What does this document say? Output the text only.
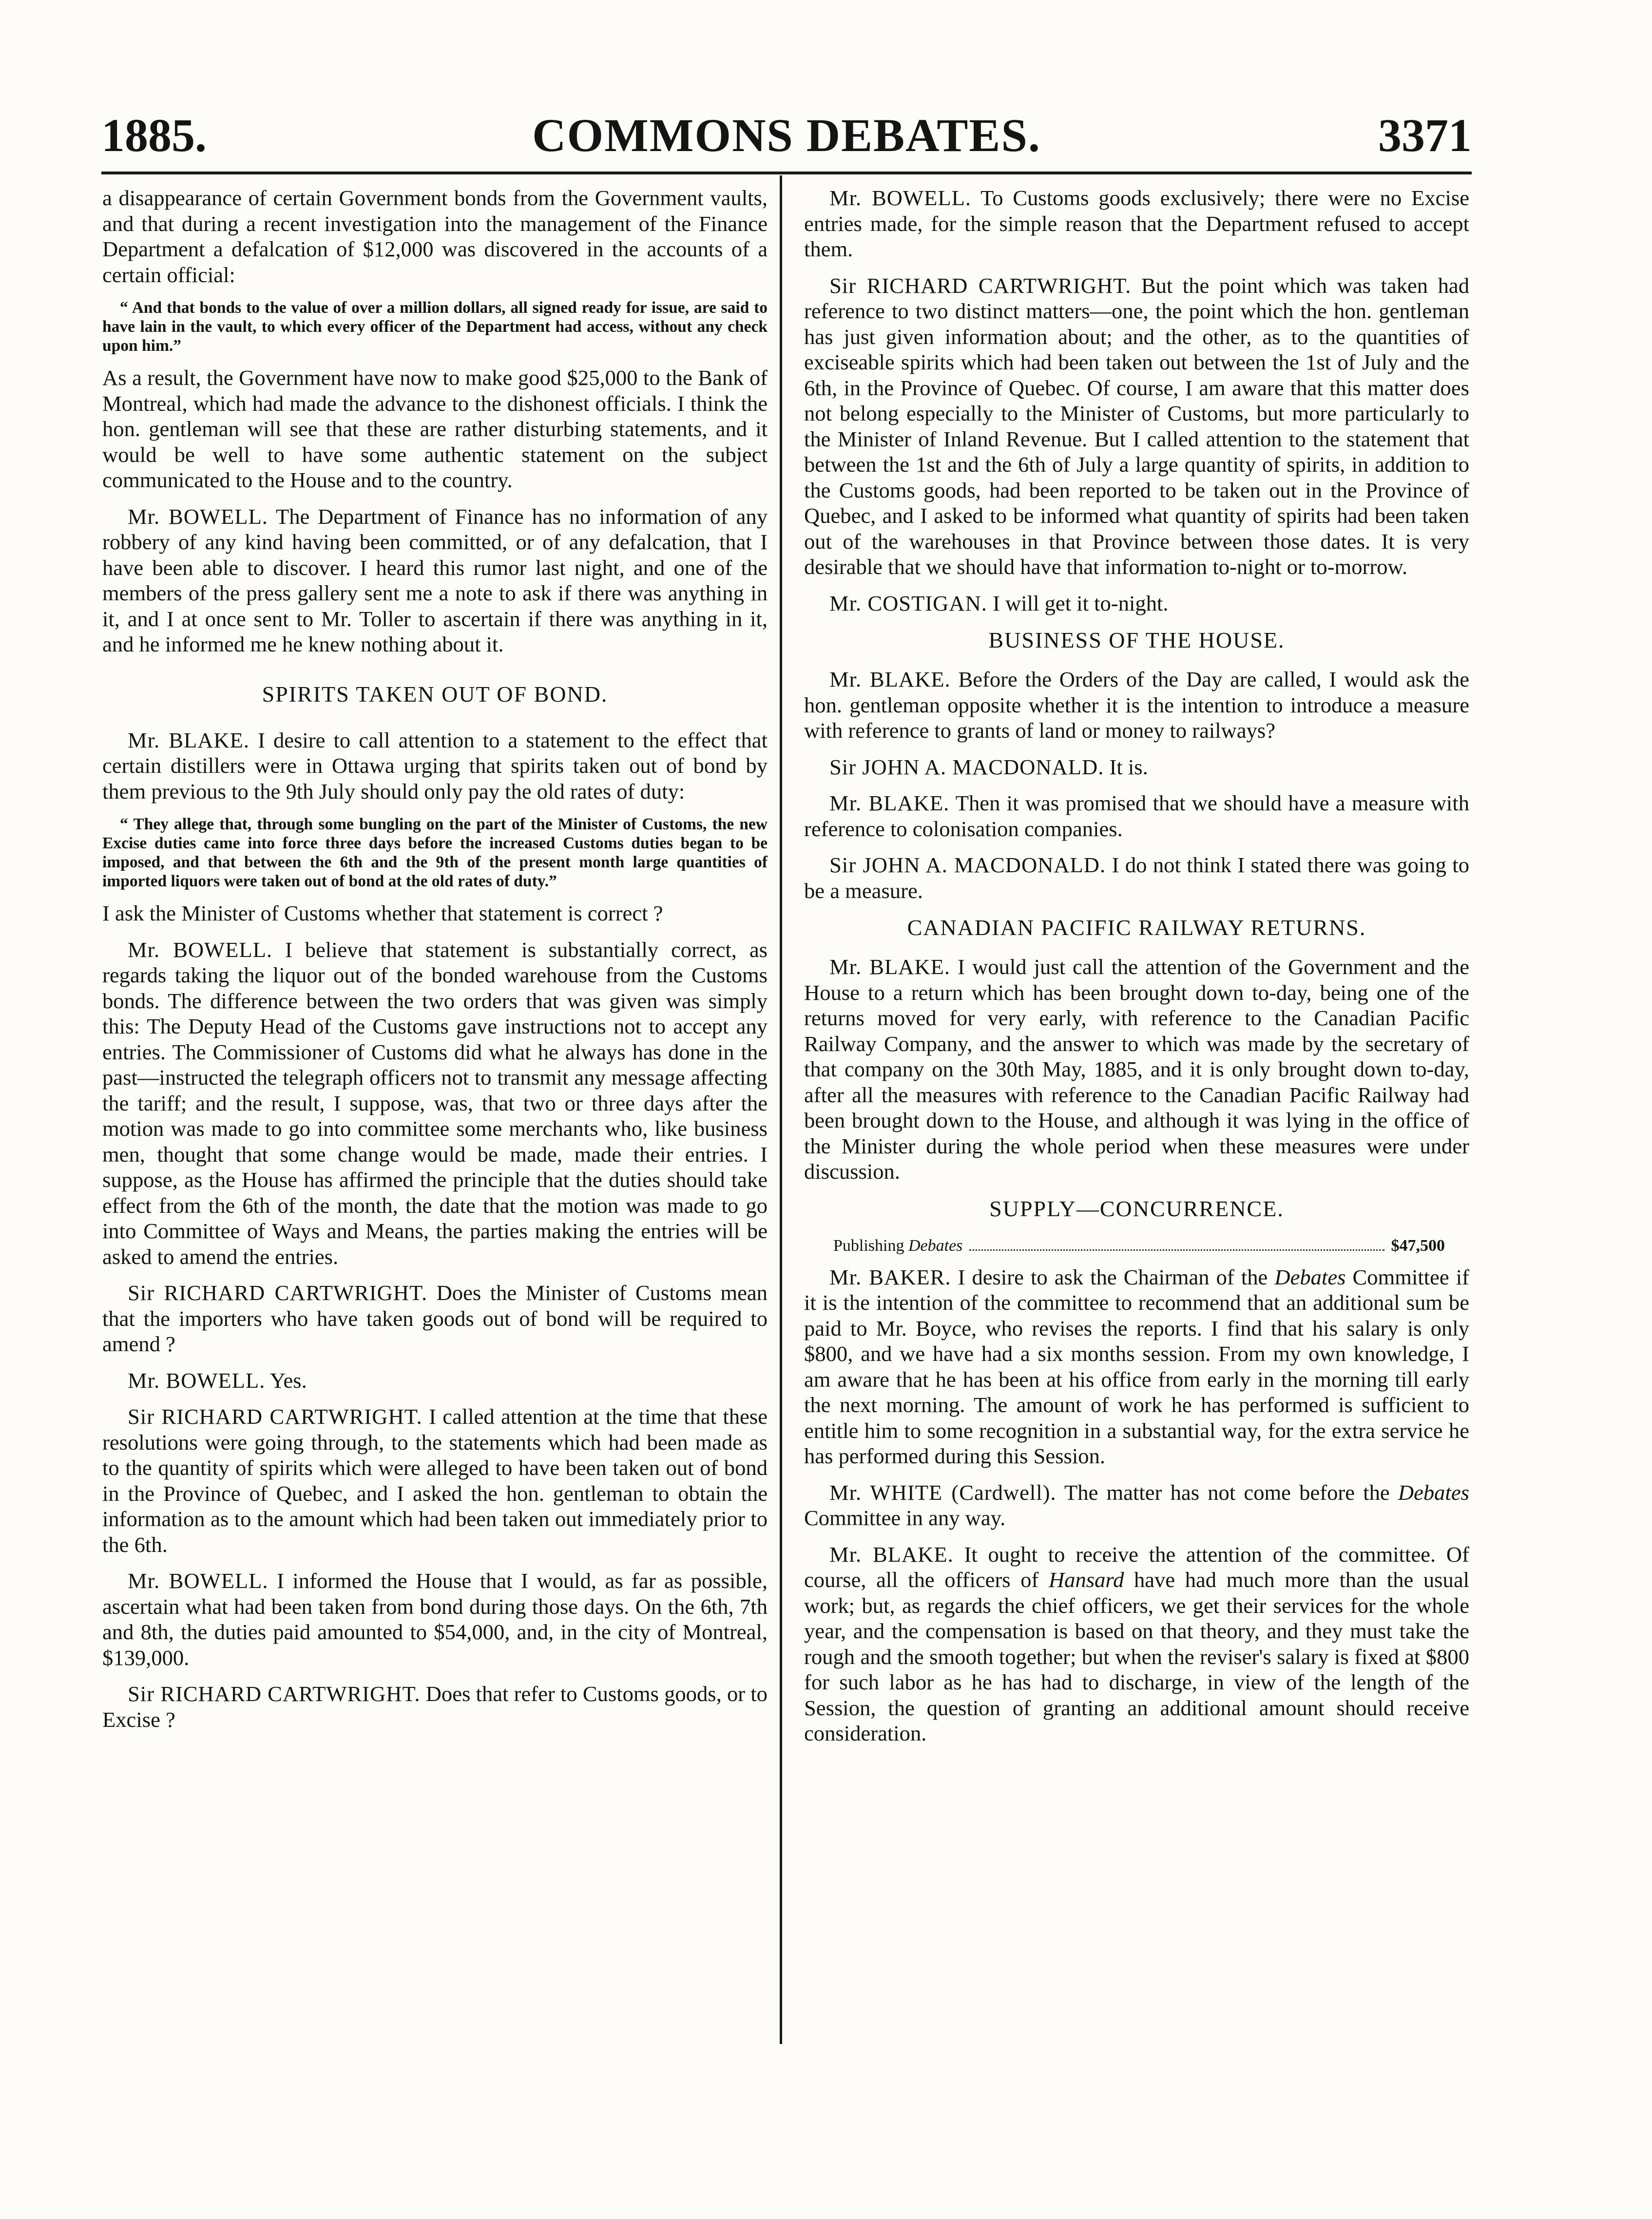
1885.	COMMONS DEBATES.	3371

a disappearance of certain Government bonds from the Government vaults, and that during a recent investigation into the management of the Finance Department a defalcation of $12,000 was discovered in the accounts of a certain official:

“ And that bonds to the value of over a million dollars, all signed ready for issue, are said to have lain in the vault, to which every officer of the Department had access, without any check upon him.”

As a result, the Government have now to make good $25,000 to the Bank of Montreal, which had made the advance to the dishonest officials. I think the hon. gentleman will see that these are rather disturbing statements, and it would be well to have some authentic statement on the subject communicated to the House and to the country.

Mr. BOWELL. The Department of Finance has no information of any robbery of any kind having been committed, or of any defalcation, that I have been able to discover. I heard this rumor last night, and one of the members of the press gallery sent me a note to ask if there was anything in it, and I at once sent to Mr. Toller to ascertain if there was anything in it, and he informed me he knew nothing about it.

SPIRITS TAKEN OUT OF BOND.

Mr. BLAKE. I desire to call attention to a statement to the effect that certain distillers were in Ottawa urging that spirits taken out of bond by them previous to the 9th July should only pay the old rates of duty:

“ They allege that, through some bungling on the part of the Minister of Customs, the new Excise duties came into force three days before the increased Customs duties began to be imposed, and that between the 6th and the 9th of the present month large quantities of imported liquors were taken out of bond at the old rates of duty.”

I ask the Minister of Customs whether that statement is correct ?

Mr. BOWELL. I believe that statement is substantially correct, as regards taking the liquor out of the bonded warehouse from the Customs bonds. The difference between the two orders that was given was simply this: The Deputy Head of the Customs gave instructions not to accept any entries. The Commissioner of Customs did what he always has done in the past—instructed the telegraph officers not to transmit any message affecting the tariff; and the result, I suppose, was, that two or three days after the motion was made to go into committee some merchants who, like business men, thought that some change would be made, made their entries. I suppose, as the House has affirmed the principle that the duties should take effect from the 6th of the month, the date that the motion was made to go into Committee of Ways and Means, the parties making the entries will be asked to amend the entries.

Sir RICHARD CARTWRIGHT. Does the Minister of Customs mean that the importers who have taken goods out of bond will be required to amend ?

Mr. BOWELL. Yes.

Sir RICHARD CARTWRIGHT. I called attention at the time that these resolutions were going through, to the statements which had been made as to the quantity of spirits which were alleged to have been taken out of bond in the Province of Quebec, and I asked the hon. gentleman to obtain the information as to the amount which had been taken out immediately prior to the 6th.

Mr. BOWELL. I informed the House that I would, as far as possible, ascertain what had been taken from bond during those days. On the 6th, 7th and 8th, the duties paid amounted to $54,000, and, in the city of Montreal, $139,000.

Sir RICHARD CARTWRIGHT. Does that refer to Customs goods, or to Excise ?

Mr. BOWELL. To Customs goods exclusively; there were no Excise entries made, for the simple reason that the Department refused to accept them.

Sir RICHARD CARTWRIGHT. But the point which was taken had reference to two distinct matters—one, the point which the hon. gentleman has just given information about; and the other, as to the quantities of exciseable spirits which had been taken out between the 1st of July and the 6th, in the Province of Quebec. Of course, I am aware that this matter does not belong especially to the Minister of Customs, but more particularly to the Minister of Inland Revenue. But I called attention to the statement that between the 1st and the 6th of July a large quantity of spirits, in addition to the Customs goods, had been reported to be taken out in the Province of Quebec, and I asked to be informed what quantity of spirits had been taken out of the warehouses in that Province between those dates. It is very desirable that we should have that information to-night or to-morrow.

Mr. COSTIGAN. I will get it to-night.

BUSINESS OF THE HOUSE.

Mr. BLAKE. Before the Orders of the Day are called, I would ask the hon. gentleman opposite whether it is the intention to introduce a measure with reference to grants of land or money to railways?

Sir JOHN A. MACDONALD. It is.

Mr. BLAKE. Then it was promised that we should have a measure with reference to colonisation companies.

Sir JOHN A. MACDONALD. I do not think I stated there was going to be a measure.

CANADIAN PACIFIC RAILWAY RETURNS.

Mr. BLAKE. I would just call the attention of the Government and the House to a return which has been brought down to-day, being one of the returns moved for very early, with reference to the Canadian Pacific Railway Company, and the answer to which was made by the secretary of that company on the 30th May, 1885, and it is only brought down to-day, after all the measures with reference to the Canadian Pacific Railway had been brought down to the House, and although it was lying in the office of the Minister during the whole period when these measures were under discussion.

SUPPLY—CONCURRENCE.
Publishing Debates	$47,500

Mr. BAKER. I desire to ask the Chairman of the Debates Committee if it is the intention of the committee to recommend that an additional sum be paid to Mr. Boyce, who revises the reports. I find that his salary is only $800, and we have had a six months session. From my own knowledge, I am aware that he has been at his office from early in the morning till early the next morning. The amount of work he has performed is sufficient to entitle him to some recognition in a substantial way, for the extra service he has performed during this Session.

Mr. WHITE (Cardwell). The matter has not come before the Debates Committee in any way.

Mr. BLAKE. It ought to receive the attention of the committee. Of course, all the officers of Hansard have had much more than the usual work; but, as regards the chief officers, we get their services for the whole year, and the compensation is based on that theory, and they must take the rough and the smooth together; but when the reviser's salary is fixed at $800 for such labor as he has had to discharge, in view of the length of the Session, the question of granting an additional amount should receive consideration.
